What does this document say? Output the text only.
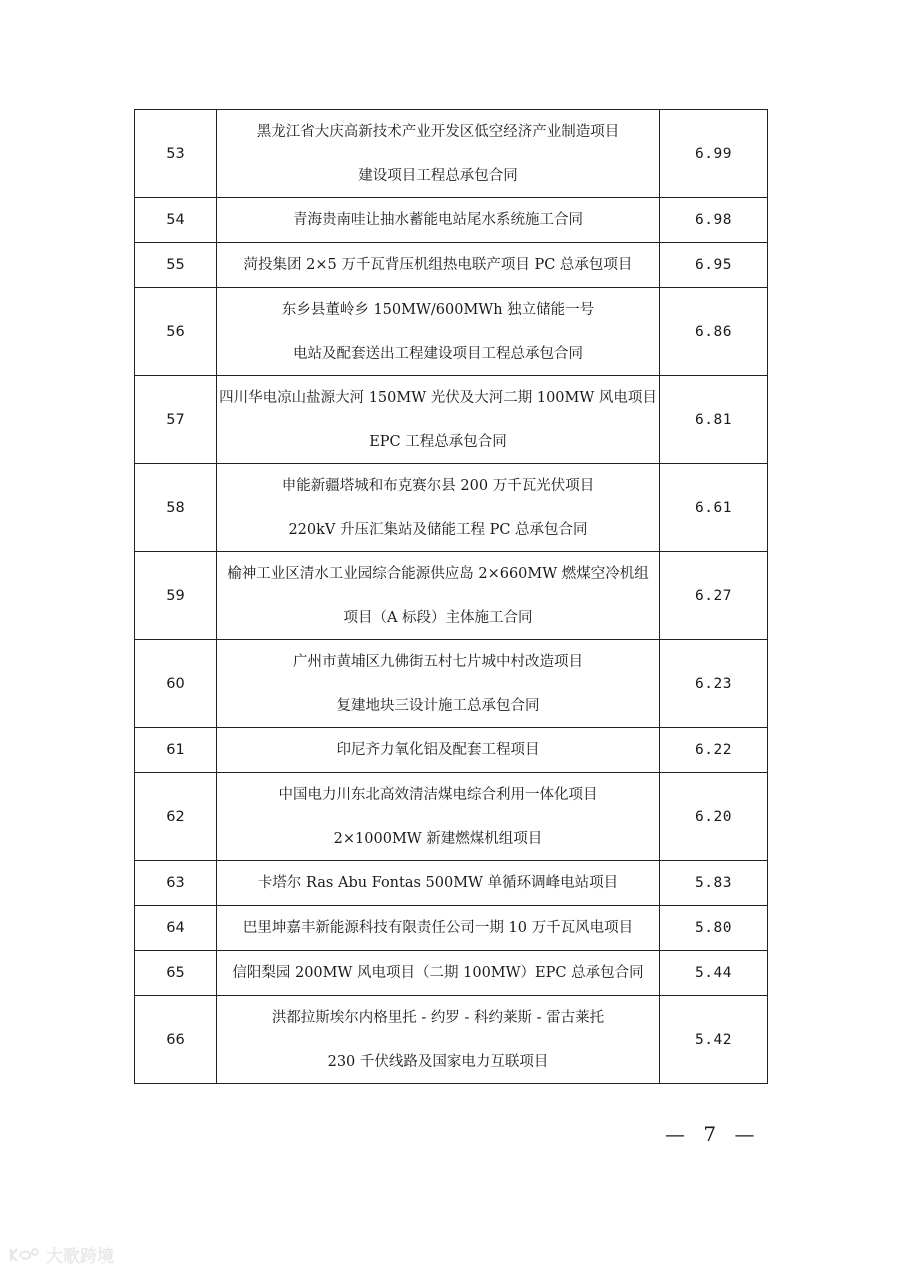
53	黑龙江省大庆高新技术产业开发区低空经济产业制造项目
建设项目工程总承包合同	6.99
54	青海贵南哇让抽水蓄能电站尾水系统施工合同	6.98
55	菏投集团 2×5 万千瓦背压机组热电联产项目 PC 总承包项目	6.95
56	东乡县董岭乡 150MW/600MWh 独立储能一号
电站及配套送出工程建设项目工程总承包合同	6.86
57	四川华电凉山盐源大河 150MW 光伏及大河二期 100MW 风电项目
EPC 工程总承包合同	6.81
58	申能新疆塔城和布克赛尔县 200 万千瓦光伏项目
220kV 升压汇集站及储能工程 PC 总承包合同	6.61
59	榆神工业区清水工业园综合能源供应岛 2×660MW 燃煤空冷机组
项目（A 标段）主体施工合同	6.27
60	广州市黄埔区九佛街五村七片城中村改造项目
复建地块三设计施工总承包合同	6.23
61	印尼齐力氧化铝及配套工程项目	6.22
62	中国电力川东北高效清洁煤电综合利用一体化项目
2×1000MW 新建燃煤机组项目	6.20
63	卡塔尔 Ras Abu Fontas 500MW 单循环调峰电站项目	5.83
64	巴里坤嘉丰新能源科技有限责任公司一期 10 万千瓦风电项目	5.80
65	信阳梨园 200MW 风电项目（二期 100MW）EPC 总承包合同	5.44
66	洪都拉斯埃尔内格里托 - 约罗 - 科约莱斯 - 雷古莱托
230 千伏线路及国家电力互联项目	5.42
— 7 —
大歌跨境
